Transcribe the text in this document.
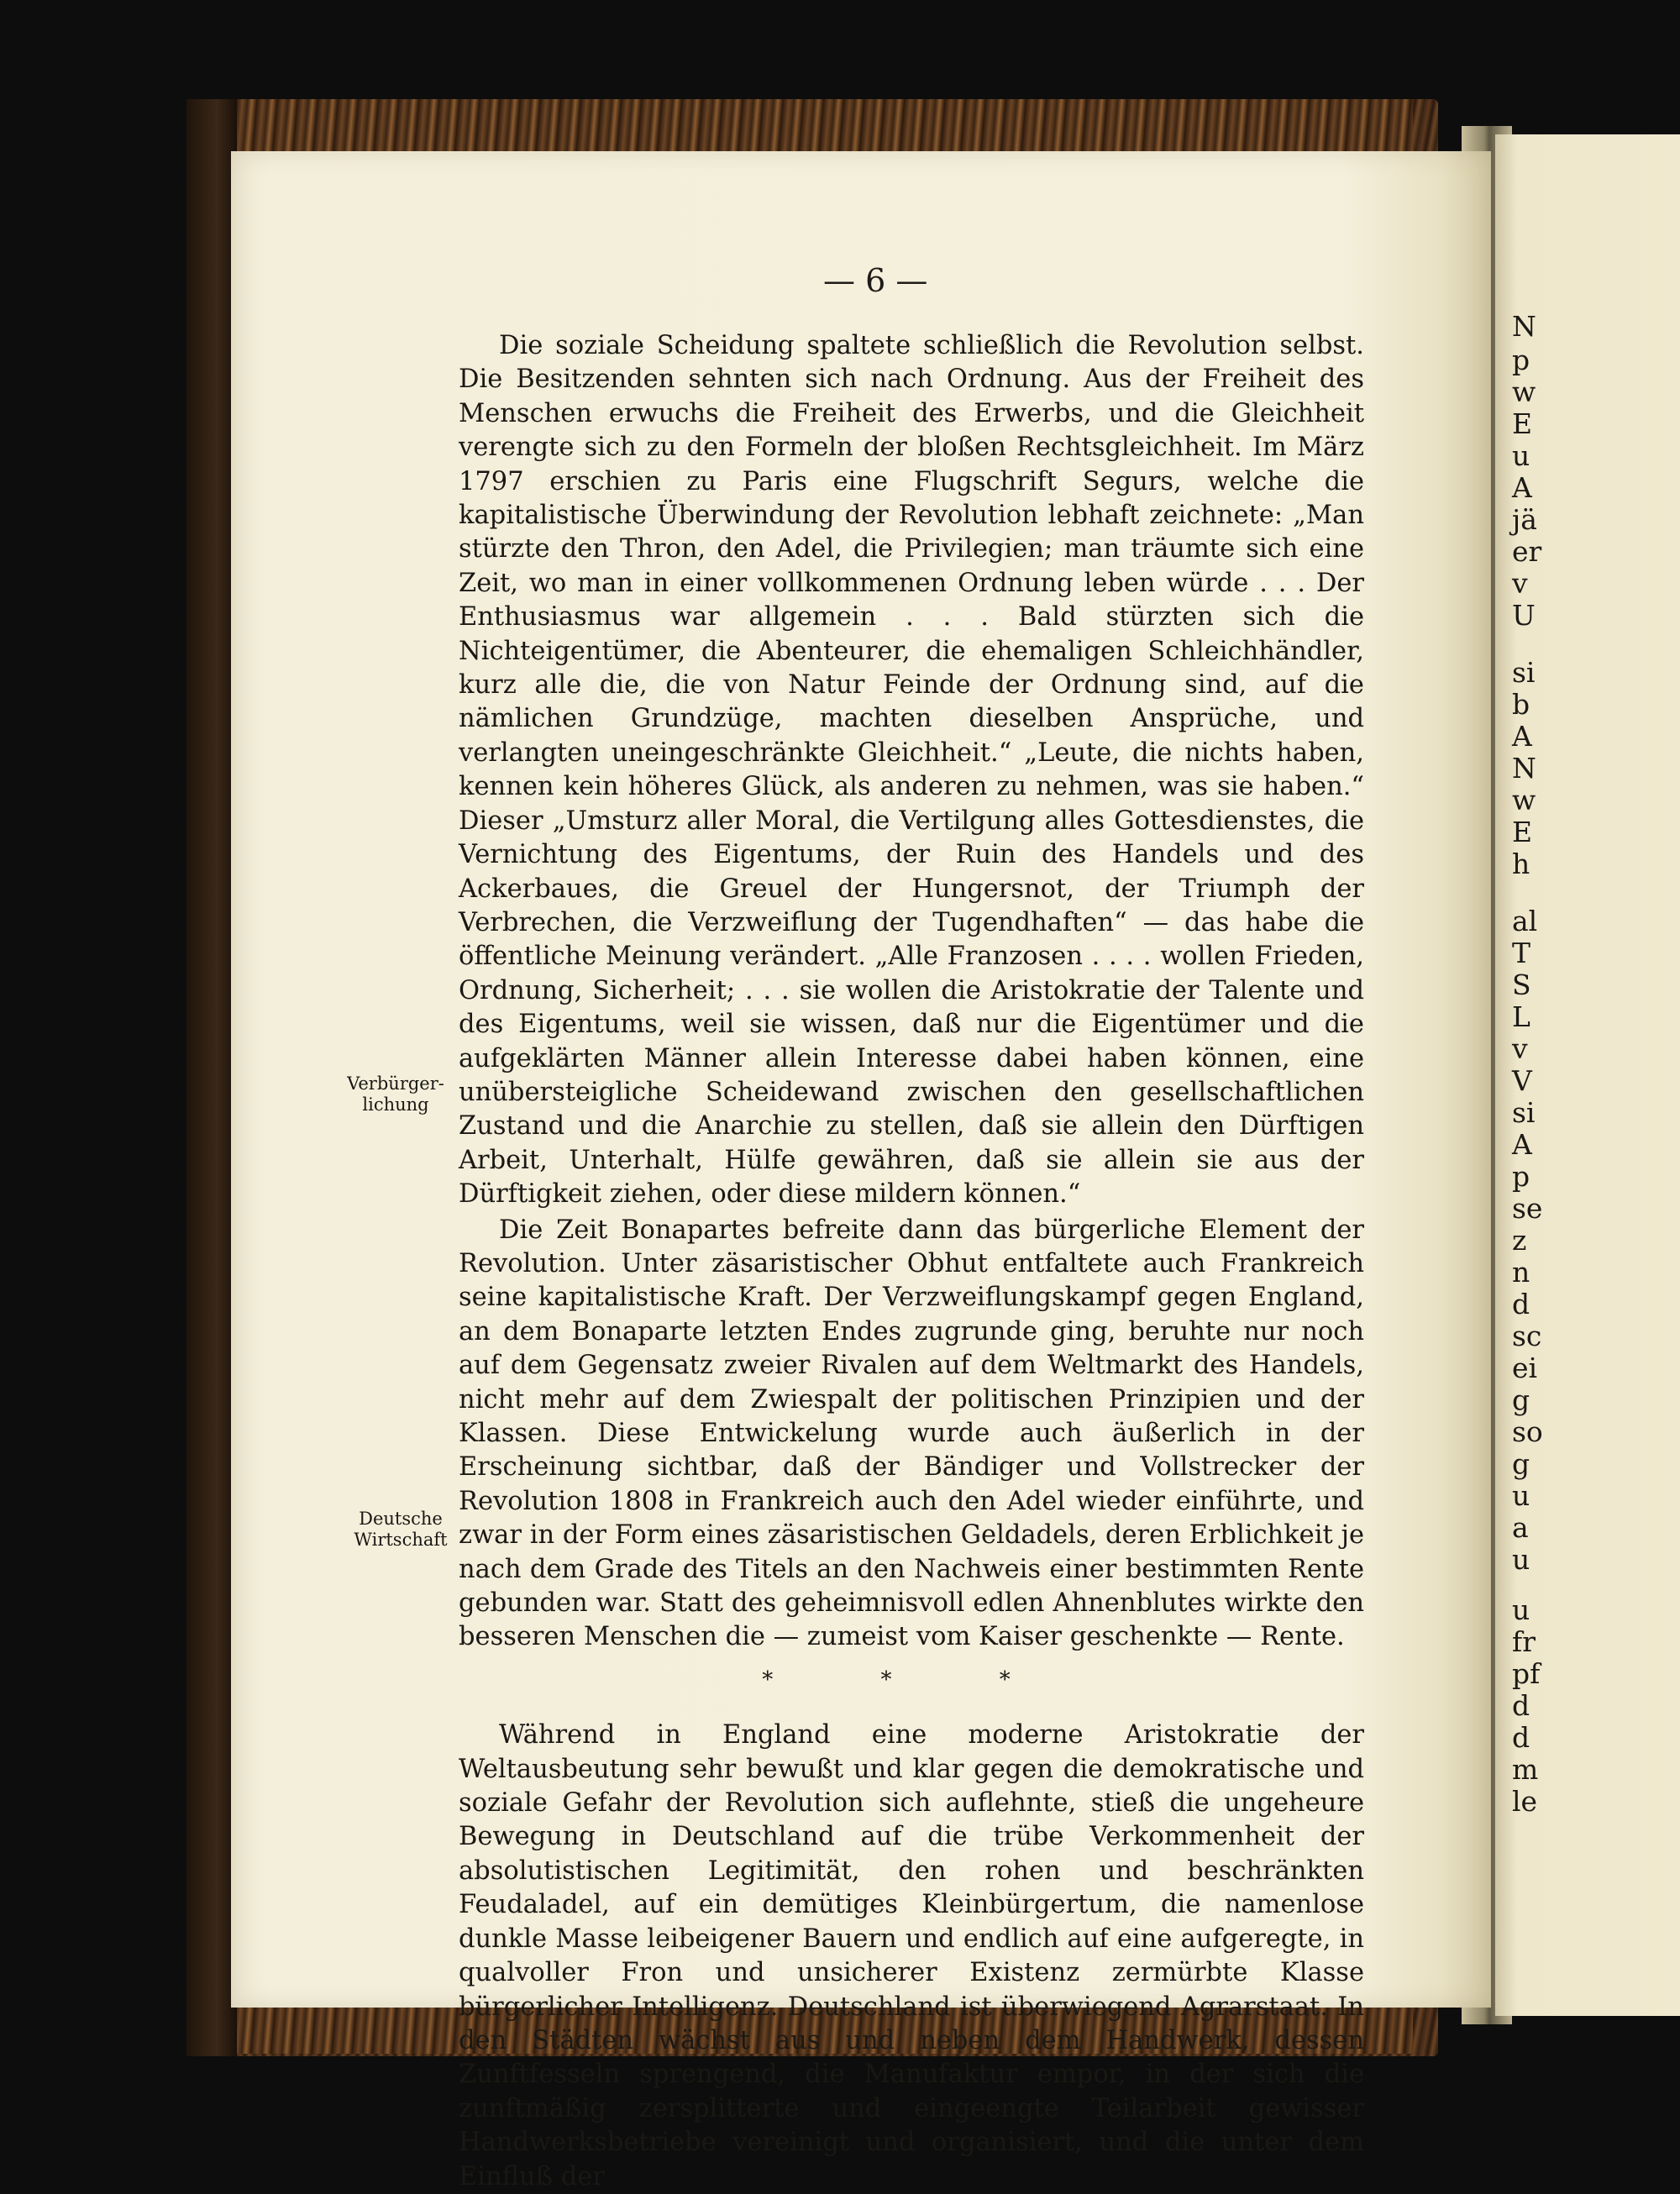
N
p
w
E
u
A
jä
er
v
U
si
b
A
N
w
E
h
al
T
S
L
v
V
si
A
p
se
z
n
d
sc
ei
g
so
g
u
a
u
u
fr
pf
d
d
m
le
— 6 —
Verbürger-lichung
Deutsche Wirtschaft

Die soziale Scheidung spaltete schließlich die Revolution selbst. Die Besitzenden sehnten sich nach Ordnung. Aus der Freiheit des Menschen erwuchs die Freiheit des Erwerbs, und die Gleichheit verengte sich zu den Formeln der bloßen Rechtsgleichheit. Im März 1797 erschien zu Paris eine Flugschrift Segurs, welche die kapitalistische Überwindung der Revolution lebhaft zeichnete: „Man stürzte den Thron, den Adel, die Privilegien; man träumte sich eine Zeit, wo man in einer vollkommenen Ordnung leben würde . . . Der Enthusiasmus war allgemein . . . Bald stürzten sich die Nichteigentümer, die Abenteurer, die ehemaligen Schleichhändler, kurz alle die, die von Natur Feinde der Ordnung sind, auf die nämlichen Grundzüge, machten dieselben Ansprüche, und verlangten uneingeschränkte Gleichheit.“ „Leute, die nichts haben, kennen kein höheres Glück, als anderen zu nehmen, was sie haben.“ Dieser „Umsturz aller Moral, die Vertilgung alles Gottesdienstes, die Vernichtung des Eigentums, der Ruin des Handels und des Ackerbaues, die Greuel der Hungersnot, der Triumph der Verbrechen, die Verzweiflung der Tugendhaften“ — das habe die öffentliche Meinung verändert. „Alle Franzosen . . . . wollen Frieden, Ordnung, Sicherheit; . . . sie wollen die Aristokratie der Talente und des Eigentums, weil sie wissen, daß nur die Eigentümer und die aufgeklärten Männer allein Interesse dabei haben können, eine unübersteigliche Scheidewand zwischen den gesellschaftlichen Zustand und die Anarchie zu stellen, daß sie allein den Dürftigen Arbeit, Unterhalt, Hülfe gewähren, daß sie allein sie aus der Dürftigkeit ziehen, oder diese mildern können.“

Die Zeit Bonapartes befreite dann das bürgerliche Element der Revolution. Unter zäsaristischer Obhut entfaltete auch Frankreich seine kapitalistische Kraft. Der Verzweiflungskampf gegen England, an dem Bonaparte letzten Endes zugrunde ging, beruhte nur noch auf dem Gegensatz zweier Rivalen auf dem Weltmarkt des Handels, nicht mehr auf dem Zwiespalt der politischen Prinzipien und der Klassen. Diese Entwickelung wurde auch äußerlich in der Erscheinung sichtbar, daß der Bändiger und Vollstrecker der Revolution 1808 in Frankreich auch den Adel wieder einführte, und zwar in der Form eines zäsaristischen Geldadels, deren Erblichkeit je nach dem Grade des Titels an den Nachweis einer bestimmten Rente gebunden war. Statt des geheimnisvoll edlen Ahnenblutes wirkte den besseren Menschen die — zumeist vom Kaiser geschenkte — Rente.

* * *

Während in England eine moderne Aristokratie der Weltausbeutung sehr bewußt und klar gegen die demokratische und soziale Gefahr der Revolution sich auflehnte, stieß die ungeheure Bewegung in Deutschland auf die trübe Verkommenheit der absolutistischen Legitimität, den rohen und beschränkten Feudaladel, auf ein demütiges Kleinbürgertum, die namenlose dunkle Masse leibeigener Bauern und endlich auf eine aufgeregte, in qualvoller Fron und unsicherer Existenz zermürbte Klasse bürgerlicher Intelligenz. Deutschland ist überwiegend Agrarstaat. In den Städten wächst aus und neben dem Handwerk, dessen Zunftfesseln sprengend, die Manufaktur empor, in der sich die zunftmäßig zersplitterte und eingeengte Teilarbeit gewisser Handwerksbetriebe vereinigt und organisiert, und die unter dem Einfluß der
